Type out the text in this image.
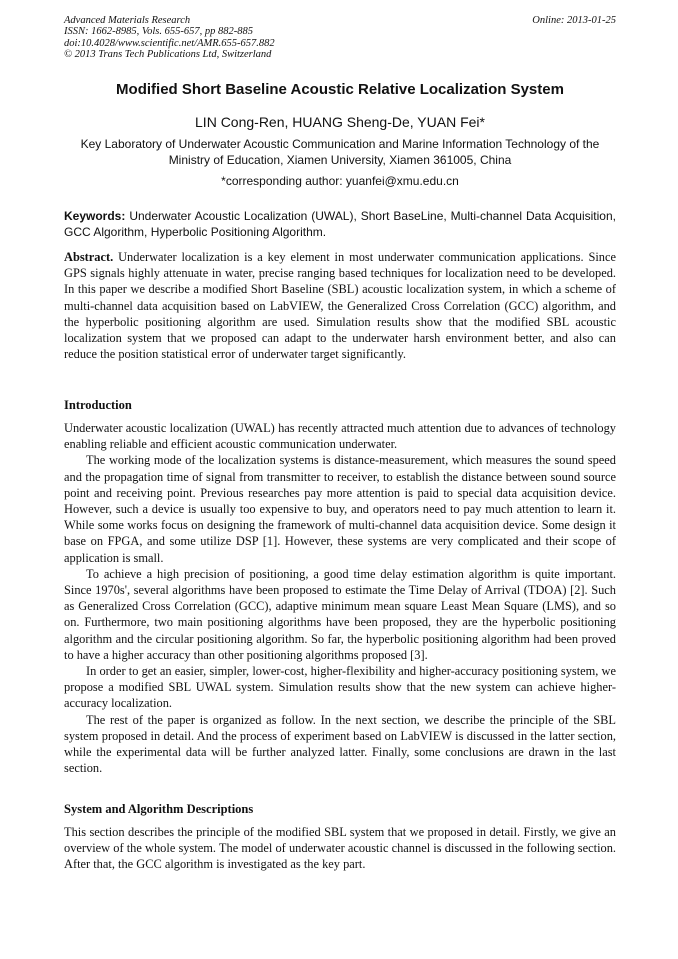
Advanced Materials Research
ISSN: 1662-8985, Vols. 655-657, pp 882-885
doi:10.4028/www.scientific.net/AMR.655-657.882
© 2013 Trans Tech Publications Ltd, Switzerland
Online: 2013-01-25
Modified Short Baseline Acoustic Relative Localization System
LIN Cong-Ren, HUANG Sheng-De, YUAN Fei*
Key Laboratory of Underwater Acoustic Communication and Marine Information Technology of the Ministry of Education, Xiamen University, Xiamen 361005, China
*corresponding author: yuanfei@xmu.edu.cn
Keywords: Underwater Acoustic Localization (UWAL), Short BaseLine, Multi-channel Data Acquisition, GCC Algorithm, Hyperbolic Positioning Algorithm.
Abstract. Underwater localization is a key element in most underwater communication applications. Since GPS signals highly attenuate in water, precise ranging based techniques for localization need to be developed. In this paper we describe a modified Short Baseline (SBL) acoustic localization system, in which a scheme of multi-channel data acquisition based on LabVIEW, the Generalized Cross Correlation (GCC) algorithm, and the hyperbolic positioning algorithm are used. Simulation results show that the modified SBL acoustic localization system that we proposed can adapt to the underwater harsh environment better, and also can reduce the position statistical error of underwater target significantly.
Introduction

Underwater acoustic localization (UWAL) has recently attracted much attention due to advances of technology enabling reliable and efficient acoustic communication underwater.

The working mode of the localization systems is distance-measurement, which measures the sound speed and the propagation time of signal from transmitter to receiver, to establish the distance between sound source point and receiving point. Previous researches pay more attention is paid to special data acquisition device. However, such a device is usually too expensive to buy, and operators need to pay much attention to learn it. While some works focus on designing the framework of multi-channel data acquisition device. Some design it base on FPGA, and some utilize DSP [1]. However, these systems are very complicated and their scope of application is small.

To achieve a high precision of positioning, a good time delay estimation algorithm is quite important. Since 1970s', several algorithms have been proposed to estimate the Time Delay of Arrival (TDOA) [2]. Such as Generalized Cross Correlation (GCC), adaptive minimum mean square Least Mean Square (LMS), and so on. Furthermore, two main positioning algorithms have been proposed, they are the hyperbolic positioning algorithm and the circular positioning algorithm. So far, the hyperbolic positioning algorithm had been proved to have a higher accuracy than other positioning algorithms proposed [3].

In order to get an easier, simpler, lower-cost, higher-flexibility and higher-accuracy positioning system, we propose a modified SBL UWAL system. Simulation results show that the new system can achieve higher-accuracy localization.

The rest of the paper is organized as follow. In the next section, we describe the principle of the SBL system proposed in detail. And the process of experiment based on LabVIEW is discussed in the latter section, while the experimental data will be further analyzed latter. Finally, some conclusions are drawn in the last section.

System and Algorithm Descriptions

This section describes the principle of the modified SBL system that we proposed in detail. Firstly, we give an overview of the whole system. The model of underwater acoustic channel is discussed in the following section. After that, the GCC algorithm is investigated as the key part.
